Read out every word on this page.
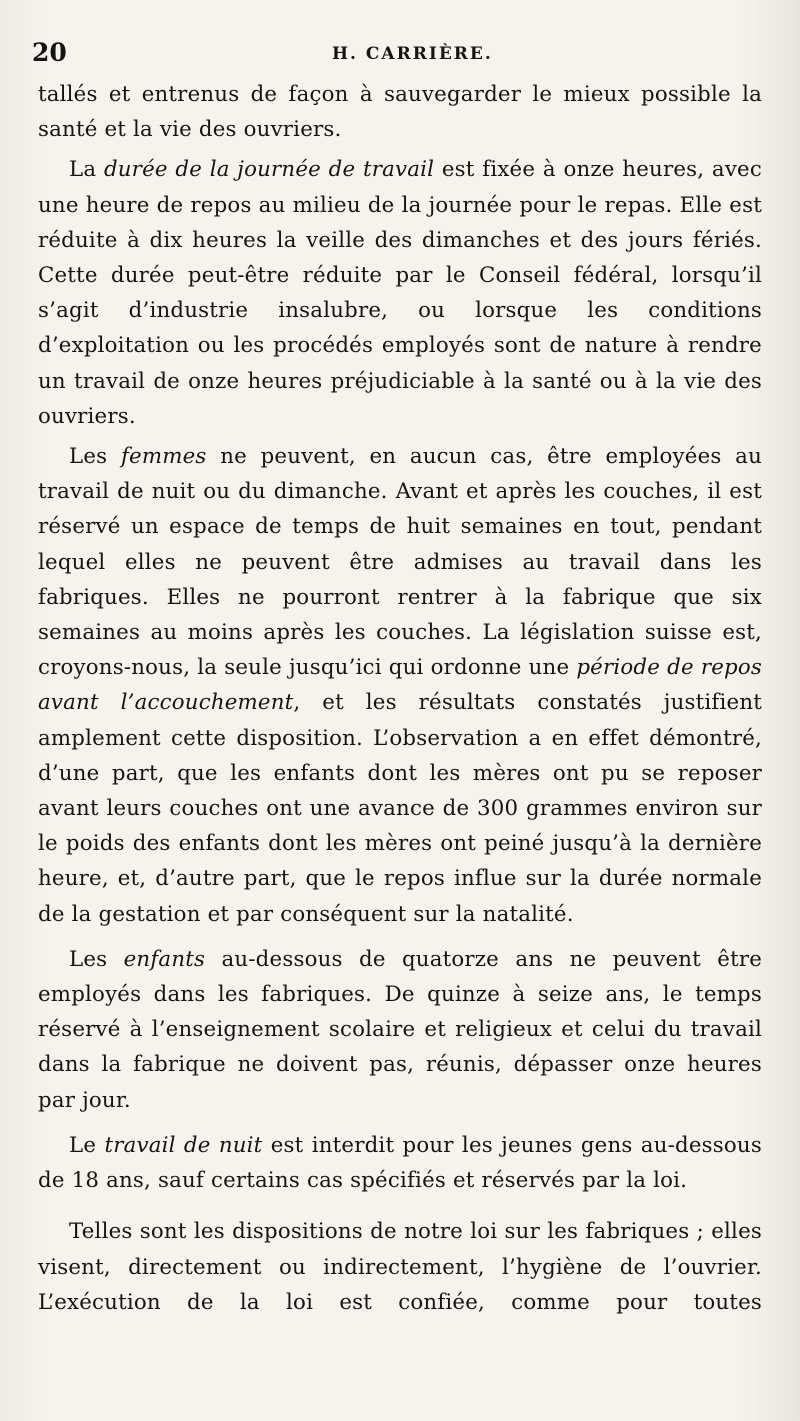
20	H. CARRIÈRE.

tallés et entrenus de façon à sauvegarder le mieux possible la santé et la vie des ouvriers.

La durée de la journée de travail est fixée à onze heures, avec une heure de repos au milieu de la journée pour le repas. Elle est réduite à dix heures la veille des dimanches et des jours fériés. Cette durée peut-être réduite par le Conseil fédéral, lorsqu’il s’agit d’industrie insalubre, ou lorsque les conditions d’exploitation ou les procédés employés sont de nature à rendre un travail de onze heures préjudiciable à la santé ou à la vie des ouvriers.

Les femmes ne peuvent, en aucun cas, être employées au travail de nuit ou du dimanche. Avant et après les couches, il est réservé un espace de temps de huit semaines en tout, pendant lequel elles ne peuvent être admises au travail dans les fabriques. Elles ne pourront rentrer à la fabrique que six semaines au moins après les couches. La législation suisse est, croyons-nous, la seule jusqu’ici qui ordonne une période de repos avant l’accouchement, et les résultats constatés justifient amplement cette disposition. L’observation a en effet démontré, d’une part, que les enfants dont les mères ont pu se reposer avant leurs couches ont une avance de 300 grammes environ sur le poids des enfants dont les mères ont peiné jusqu’à la dernière heure, et, d’autre part, que le repos influe sur la durée normale de la gestation et par conséquent sur la natalité.

Les enfants au-dessous de quatorze ans ne peuvent être employés dans les fabriques. De quinze à seize ans, le temps réservé à l’enseignement scolaire et religieux et celui du travail dans la fabrique ne doivent pas, réunis, dépasser onze heures par jour.

Le travail de nuit est interdit pour les jeunes gens au-dessous de 18 ans, sauf certains cas spécifiés et réservés par la loi.

Telles sont les dispositions de notre loi sur les fabriques ; elles visent, directement ou indirectement, l’hygiène de l’ouvrier. L’exécution de la loi est confiée, comme pour toutes
